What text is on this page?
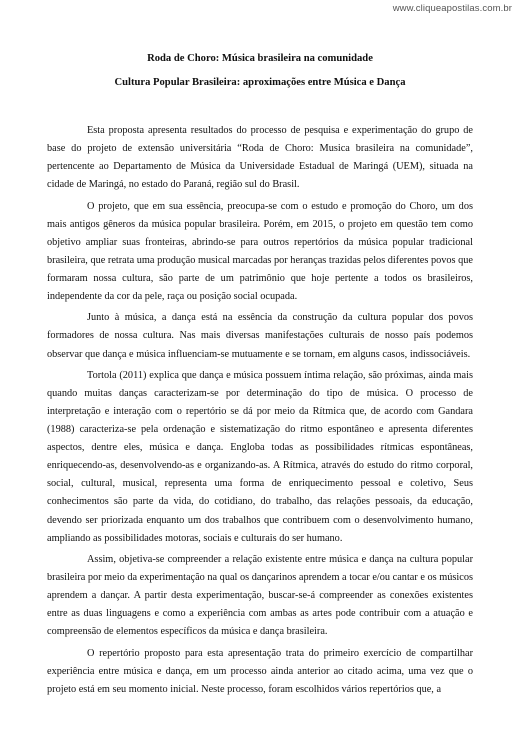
www.cliqueapostilas.com.br

Roda de Choro: Música brasileira na comunidade

Cultura Popular Brasileira: aproximações entre Música e Dança

Esta proposta apresenta resultados do processo de pesquisa e experimentação do grupo de base do projeto de extensão universitária “Roda de Choro: Musica brasileira na comunidade”, pertencente ao Departamento de Música da Universidade Estadual de Maringá (UEM), situada na cidade de Maringá, no estado do Paraná, região sul do Brasil.

O projeto, que em sua essência, preocupa-se com o estudo e promoção do Choro, um dos mais antigos gêneros da música popular brasileira. Porém, em 2015, o projeto em questão tem como objetivo ampliar suas fronteiras, abrindo-se para outros repertórios da música popular tradicional brasileira, que retrata uma produção musical marcadas por heranças trazidas pelos diferentes povos que formaram nossa cultura, são parte de um patrimônio que hoje pertente a todos os brasileiros, independente da cor da pele, raça ou posição social ocupada.

Junto à música, a dança está na essência da construção da cultura popular dos povos formadores de nossa cultura. Nas mais diversas manifestações culturais de nosso país podemos observar que dança e música influenciam-se mutuamente e se tornam, em alguns casos, indissociáveis.

Tortola (2011) explica que dança e música possuem íntima relação, são próximas, ainda mais quando muitas danças caracterizam-se por determinação do tipo de música. O processo de interpretação e interação com o repertório se dá por meio da Rítmica que, de acordo com Gandara (1988) caracteriza-se pela ordenação e sistematização do ritmo espontâneo e apresenta diferentes aspectos, dentre eles, música e dança. Engloba todas as possibilidades rítmicas espontâneas, enriquecendo-as, desenvolvendo-as e organizando-as. A Rítmica, através do estudo do ritmo corporal, social, cultural, musical, representa uma forma de enriquecimento pessoal e coletivo, Seus conhecimentos são parte da vida, do cotidiano, do trabalho, das relações pessoais, da educação, devendo ser priorizada enquanto um dos trabalhos que contribuem com o desenvolvimento humano, ampliando as possibilidades motoras, sociais e culturais do ser humano.

Assim, objetiva-se compreender a relação existente entre música e dança na cultura popular brasileira por meio da experimentação na qual os dançarinos aprendem a tocar e/ou cantar e os músicos aprendem a dançar. A partir desta experimentação, buscar-se-á compreender as conexões existentes entre as duas linguagens e como a experiência com ambas as artes pode contribuir com a atuação e compreensão de elementos específicos da música e dança brasileira.

O repertório proposto para esta apresentação trata do primeiro exercício de compartilhar experiência entre música e dança, em um processo ainda anterior ao citado acima, uma vez que o projeto está em seu momento inicial. Neste processo, foram escolhidos vários repertórios que, a
